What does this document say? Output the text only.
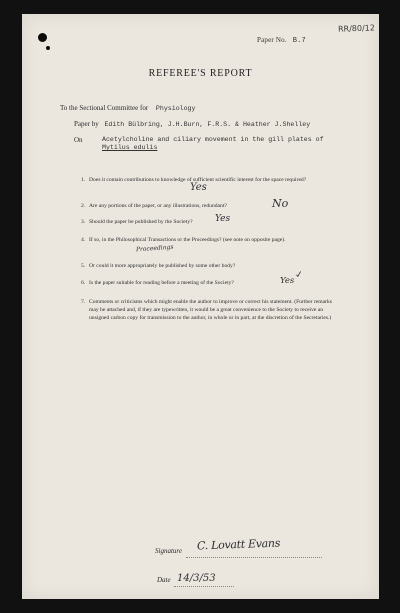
RR/80/12
Paper No. B.7
REFEREE'S REPORT
To the Sectional Committee for Physiology
Paper by Edith Bülbring, J.H.Burn, F.R.S. & Heather J.Shelley
On	Acetylcholine and ciliary movement in the gill plates of
Mytilus edulis
1. Does it contain contributions to knowledge of sufficient scientific interest for the space required?
Yes
2. Are any portions of the paper, or any illustrations, redundant?	No
3. Should the paper be published by the Society?	Yes
4. If so, in the Philosophical Transactions or the Proceedings? (see note on opposite page).
Proceedings
5. Or could it more appropriately be published by some other body?
6. Is the paper suitable for reading before a meeting of the Society?	Yes
7. Comments or criticisms which might enable the author to improve or correct his statement. (Further remarks may be attached and, if they are typewritten, it would be a great convenience to the Society to receive an unsigned carbon copy for transmission to the author, in whole or in part, at the discretion of the Secretaries.)
Signature C. Lovatt Evans
Date 14/3/53
